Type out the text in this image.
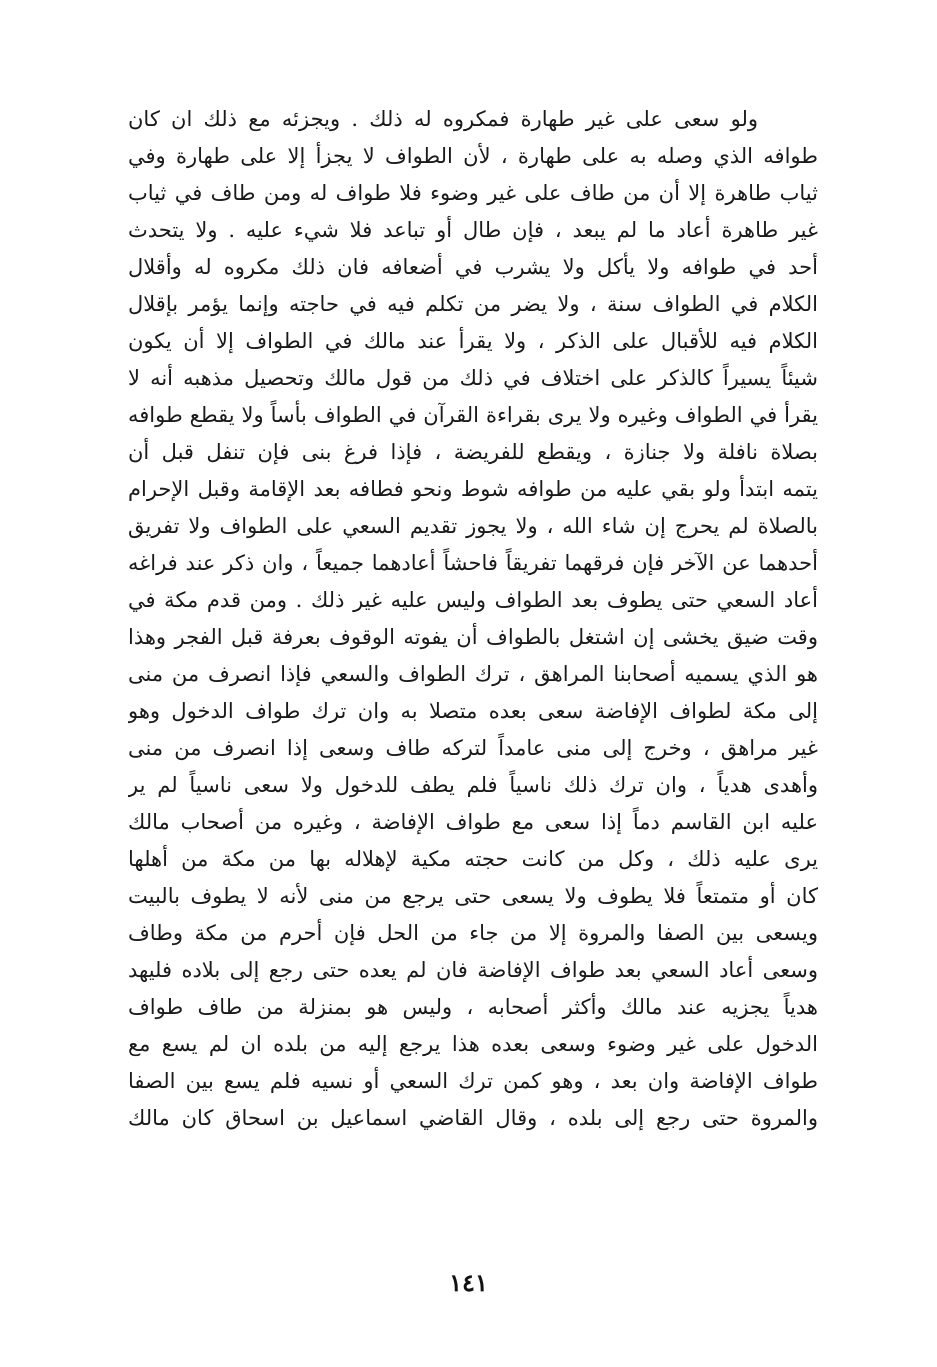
ولو سعى على غير طهارة فمكروه له ذلك . ويجزئه مع ذلك ان كان
طوافه الذي وصله به على طهارة ، لأن الطواف لا يجزأ إلا على طهارة وفي
ثياب طاهرة إلا أن من طاف على غير وضوء فلا طواف له ومن طاف في ثياب
غير طاهرة أعاد ما لم يبعد ، فإن طال أو تباعد فلا شيء عليه . ولا يتحدث
أحد في طوافه ولا يأكل ولا يشرب في أضعافه فان ذلك مكروه له وأقلال
الكلام في الطواف سنة ، ولا يضر من تكلم فيه في حاجته وإنما يؤمر بإقلال
الكلام فيه للأقبال على الذكر ، ولا يقرأ عند مالك في الطواف إلا أن يكون
شيئاً يسيراً كالذكر على اختلاف في ذلك من قول مالك وتحصيل مذهبه أنه لا
يقرأ في الطواف وغيره ولا يرى بقراءة القرآن في الطواف بأساً ولا يقطع طوافه
بصلاة نافلة ولا جنازة ، ويقطع للفريضة ، فإذا فرغ بنى فإن تنفل قبل أن
يتمه ابتدأ ولو بقي عليه من طوافه شوط ونحو فطافه بعد الإقامة وقبل الإحرام
بالصلاة لم يحرج إن شاء الله ، ولا يجوز تقديم السعي على الطواف ولا تفريق
أحدهما عن الآخر فإن فرقهما تفريقاً فاحشاً أعادهما جميعاً ، وان ذكر عند فراغه
أعاد السعي حتى يطوف بعد الطواف وليس عليه غير ذلك . ومن قدم مكة في
وقت ضيق يخشى إن اشتغل بالطواف أن يفوته الوقوف بعرفة قبل الفجر وهذا
هو الذي يسميه أصحابنا المراهق ، ترك الطواف والسعي فإذا انصرف من منى
إلى مكة لطواف الإفاضة سعى بعده متصلا به وان ترك طواف الدخول وهو
غير مراهق ، وخرج إلى منى عامداً لتركه طاف وسعى إذا انصرف من منى
وأهدى هدياً ، وان ترك ذلك ناسياً فلم يطف للدخول ولا سعى ناسياً لم ير
عليه ابن القاسم دماً إذا سعى مع طواف الإفاضة ، وغيره من أصحاب مالك
يرى عليه ذلك ، وكل من كانت حجته مكية لإهلاله بها من مكة من أهلها
كان أو متمتعاً فلا يطوف ولا يسعى حتى يرجع من منى لأنه لا يطوف بالبيت
ويسعى بين الصفا والمروة إلا من جاء من الحل فإن أحرم من مكة وطاف
وسعى أعاد السعي بعد طواف الإفاضة فان لم يعده حتى رجع إلى بلاده فليهد
هدياً يجزيه عند مالك وأكثر أصحابه ، وليس هو بمنزلة من طاف طواف
الدخول على غير وضوء وسعى بعده هذا يرجع إليه من بلده ان لم يسع مع
طواف الإفاضة وان بعد ، وهو كمن ترك السعي أو نسيه فلم يسع بين الصفا
والمروة حتى رجع إلى بلده ، وقال القاضي اسماعيل بن اسحاق كان مالك
١٤١
